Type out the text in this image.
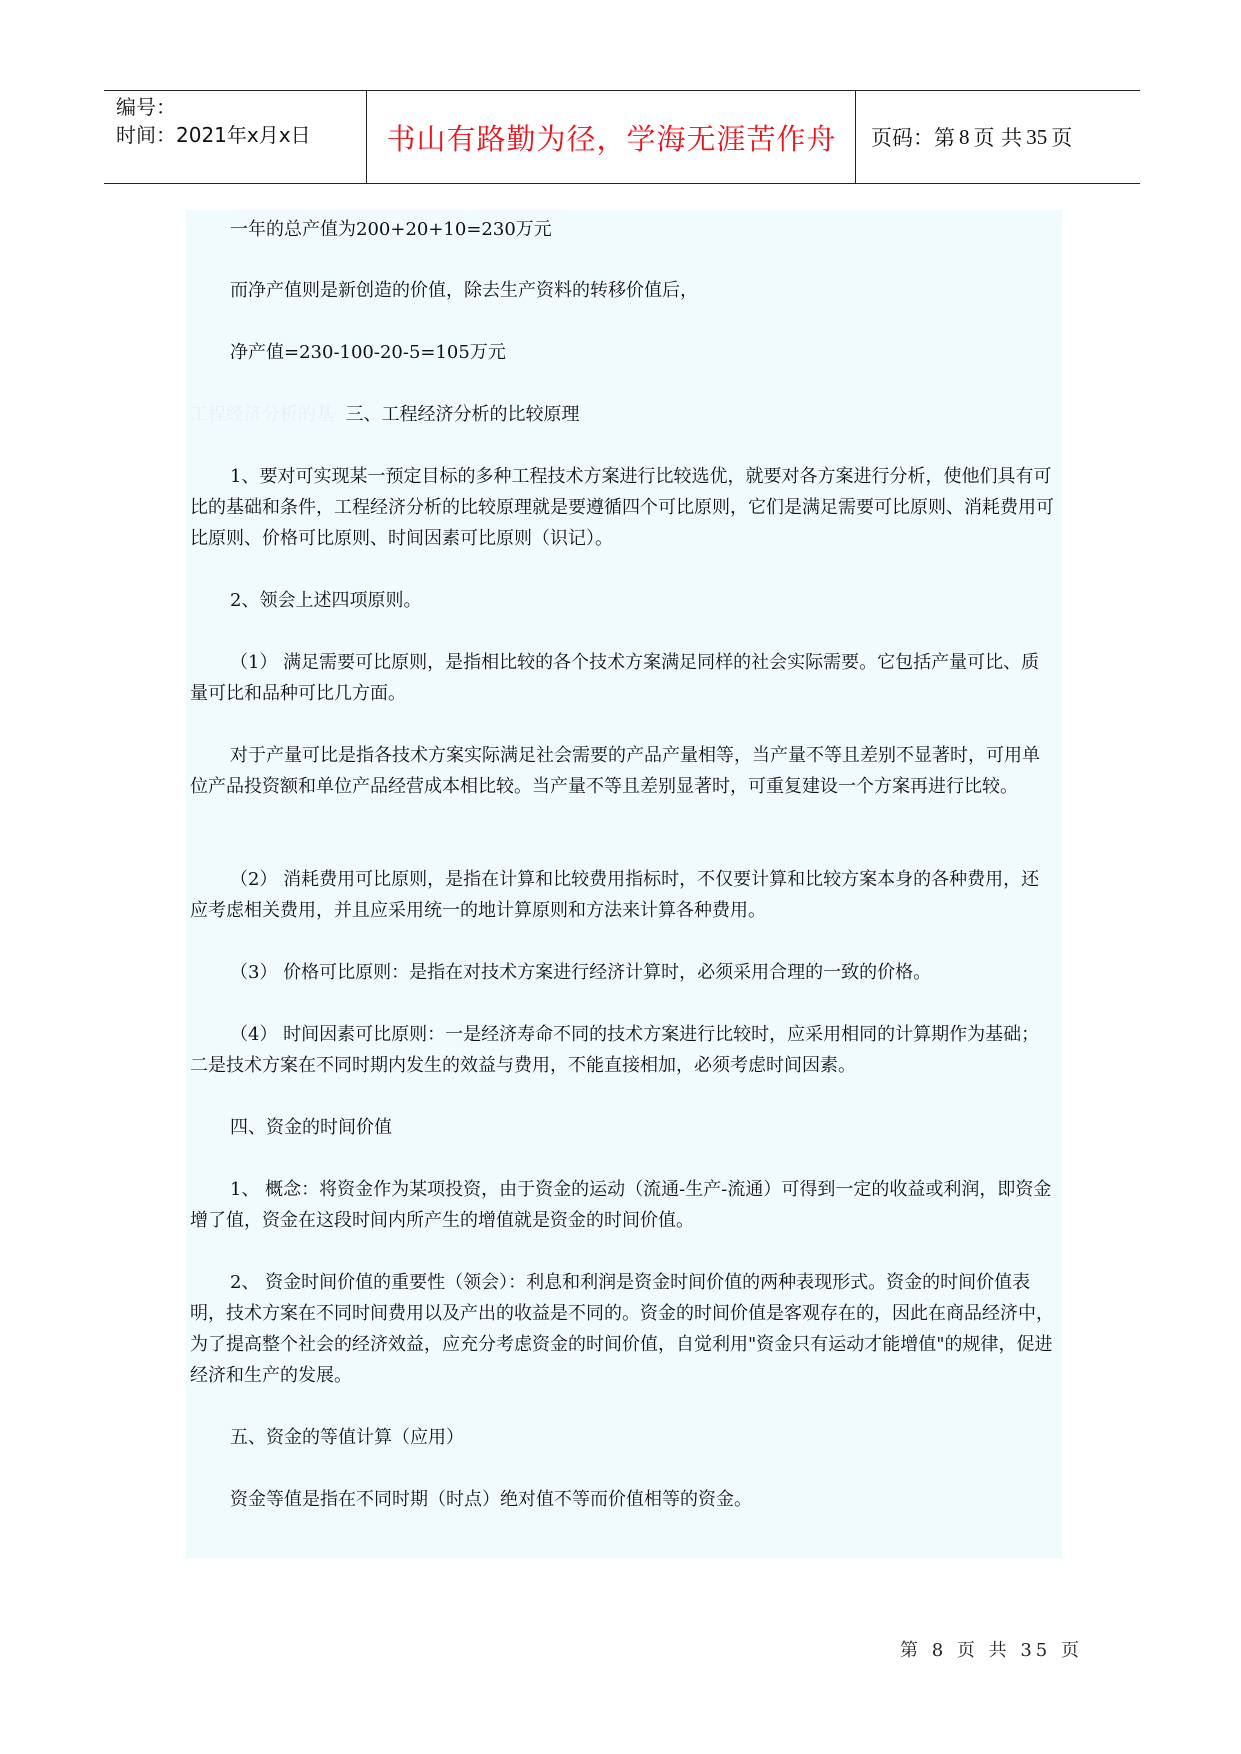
编号：
时间：2021年x月x日	书山有路勤为径，学海无涯苦作舟	页码：第 8 页 共 35 页
一年的总产值为200+20+10=230万元
而净产值则是新创造的价值，除去生产资料的转移价值后，
净产值=230-100-20-5=105万元
工程经济分析的基 三、工程经济分析的比较原理
1、要对可实现某一预定目标的多种工程技术方案进行比较选优，就要对各方案进行分析，使他们具有可比的基础和条件，工程经济分析的比较原理就是要遵循四个可比原则，它们是满足需要可比原则、消耗费用可比原则、价格可比原则、时间因素可比原则（识记）。
2、领会上述四项原则。
（1） 满足需要可比原则，是指相比较的各个技术方案满足同样的社会实际需要。它包括产量可比、质量可比和品种可比几方面。
对于产量可比是指各技术方案实际满足社会需要的产品产量相等，当产量不等且差别不显著时，可用单位产品投资额和单位产品经营成本相比较。当产量不等且差别显著时，可重复建设一个方案再进行比较。
（2） 消耗费用可比原则，是指在计算和比较费用指标时，不仅要计算和比较方案本身的各种费用，还应考虑相关费用，并且应采用统一的地计算原则和方法来计算各种费用。
（3） 价格可比原则：是指在对技术方案进行经济计算时，必须采用合理的一致的价格。
（4） 时间因素可比原则：一是经济寿命不同的技术方案进行比较时，应采用相同的计算期作为基础；二是技术方案在不同时期内发生的效益与费用，不能直接相加，必须考虑时间因素。
四、资金的时间价值
1、 概念：将资金作为某项投资，由于资金的运动（流通-生产-流通）可得到一定的收益或利润，即资金增了值，资金在这段时间内所产生的增值就是资金的时间价值。
2、 资金时间价值的重要性（领会）：利息和利润是资金时间价值的两种表现形式。资金的时间价值表明，技术方案在不同时间费用以及产出的收益是不同的。资金的时间价值是客观存在的，因此在商品经济中，为了提高整个社会的经济效益，应充分考虑资金的时间价值，自觉利用"资金只有运动才能增值"的规律，促进经济和生产的发展。
五、资金的等值计算（应用）
资金等值是指在不同时期（时点）绝对值不等而价值相等的资金。
第 8 页 共 35 页
